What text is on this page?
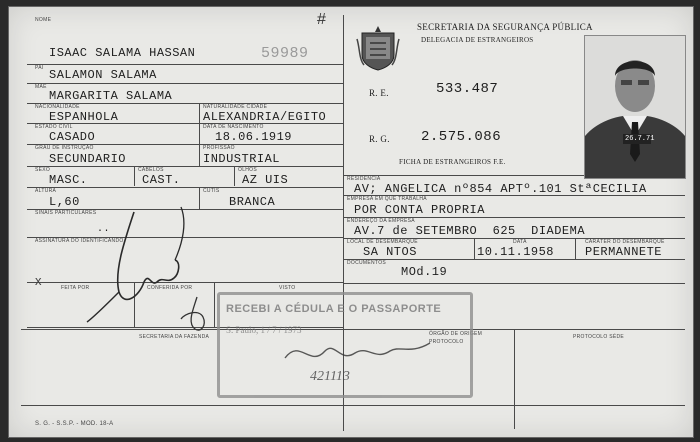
NOME
ISAAC SALAMA HASSAN	59989
#
PAI SALAMON SALAMA
MÃE
MARGARITA SALAMA
NACIONALIDADE
ESPANHOLA
NATURALIDADE CIDADE
ALEXANDRIA/EGITO
ESTADO CIVIL
CASADO
DATA DE NASCIMENTO
18.06.1919
GRAU DE INSTRUÇÃO
SECUNDARIO
PROFISSÃO
INDUSTRIAL
SEXO
MASC.
CABELOS
CAST.
OLHOS
AZ UIS
ALTURA
L,60
CÚTIS
BRANCA
SINAIS PARTICULARES
..
ASSINATURA DO IDENTIFICANDO
x	FEITA POR	CONFERIDA POR	VISTO
SECRETARIA DA FAZENDA
S. G. - S.S.P. - MOD. 18-A
SECRETARIA DA SEGURANÇA PÚBLICA
DELEGACIA DE ESTRANGEIROS
R. E.	533.487
R. G. 2.575.086
FICHA DE ESTRANGEIROS F.E.
26.7.71
RESIDÊNCIA
AV; ANGELICA nº854 APTº.101 StªCECILIA
EMPRESA EM QUE TRABALHA
POR CONTA PROPRIA
ENDEREÇO DA EMPRESA
AV.7 de SETEMBRO  625  DIADEMA
LOCAL DE DESEMBARQUE
SA NTOS
DATA
10.11.1958
CARÁTER DO DESEMBARQUE
PERMANNETE
DOCUMENTOS
MOd.19
ÓRGÃO DE ORIGEM
PROTOCOLO
PROTOCOLO SÉDE
RECEBI A CÉDULA E O PASSAPORTE
S. Paulo, 1 / 7 / 1973
421113
